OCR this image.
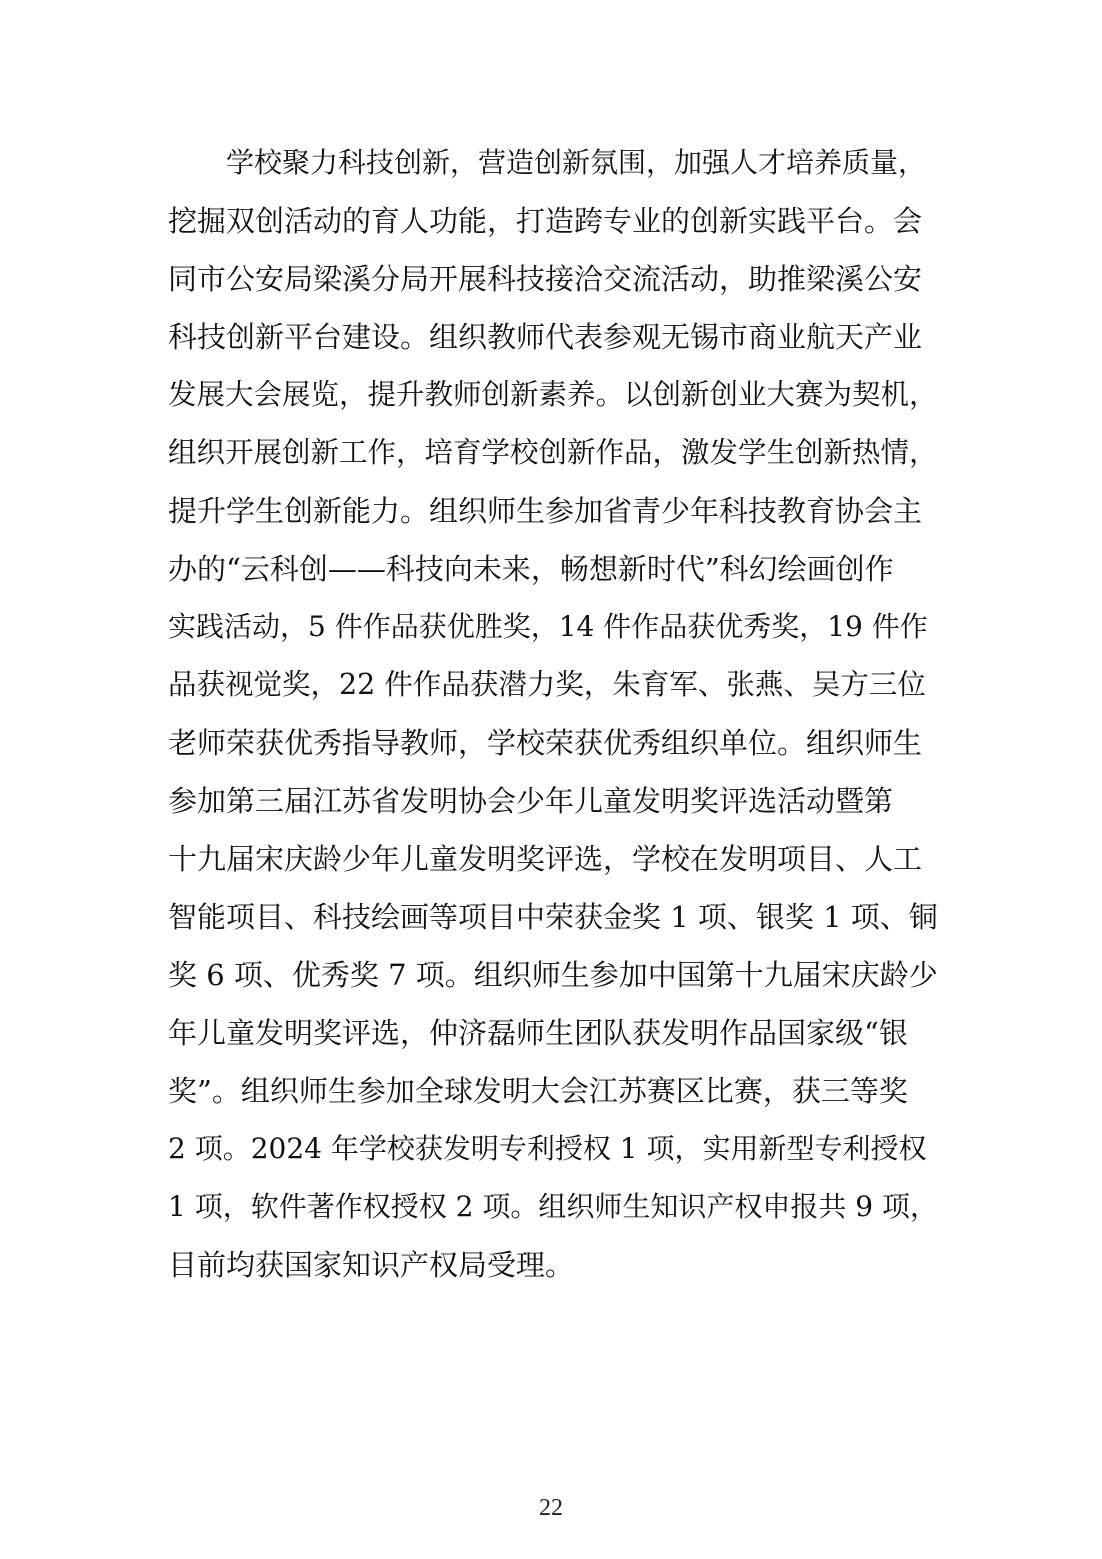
学校聚力科技创新，营造创新氛围，加强人才培养质量，
挖掘双创活动的育人功能，打造跨专业的创新实践平台。会
同市公安局梁溪分局开展科技接洽交流活动，助推梁溪公安
科技创新平台建设。组织教师代表参观无锡市商业航天产业
发展大会展览，提升教师创新素养。以创新创业大赛为契机，
组织开展创新工作，培育学校创新作品，激发学生创新热情，
提升学生创新能力。组织师生参加省青少年科技教育协会主
办的“云科创——科技向未来，畅想新时代”科幻绘画创作
实践活动，5 件作品获优胜奖，14 件作品获优秀奖，19 件作
品获视觉奖，22 件作品获潜力奖，朱育军、张燕、吴方三位
老师荣获优秀指导教师，学校荣获优秀组织单位。组织师生
参加第三届江苏省发明协会少年儿童发明奖评选活动暨第
十九届宋庆龄少年儿童发明奖评选，学校在发明项目、人工
智能项目、科技绘画等项目中荣获金奖 1 项、银奖 1 项、铜
奖 6 项、优秀奖 7 项。组织师生参加中国第十九届宋庆龄少
年儿童发明奖评选，仲济磊师生团队获发明作品国家级“银
奖”。组织师生参加全球发明大会江苏赛区比赛，获三等奖
2 项。2024 年学校获发明专利授权 1 项，实用新型专利授权
1 项，软件著作权授权 2 项。组织师生知识产权申报共 9 项，
目前均获国家知识产权局受理。
22
